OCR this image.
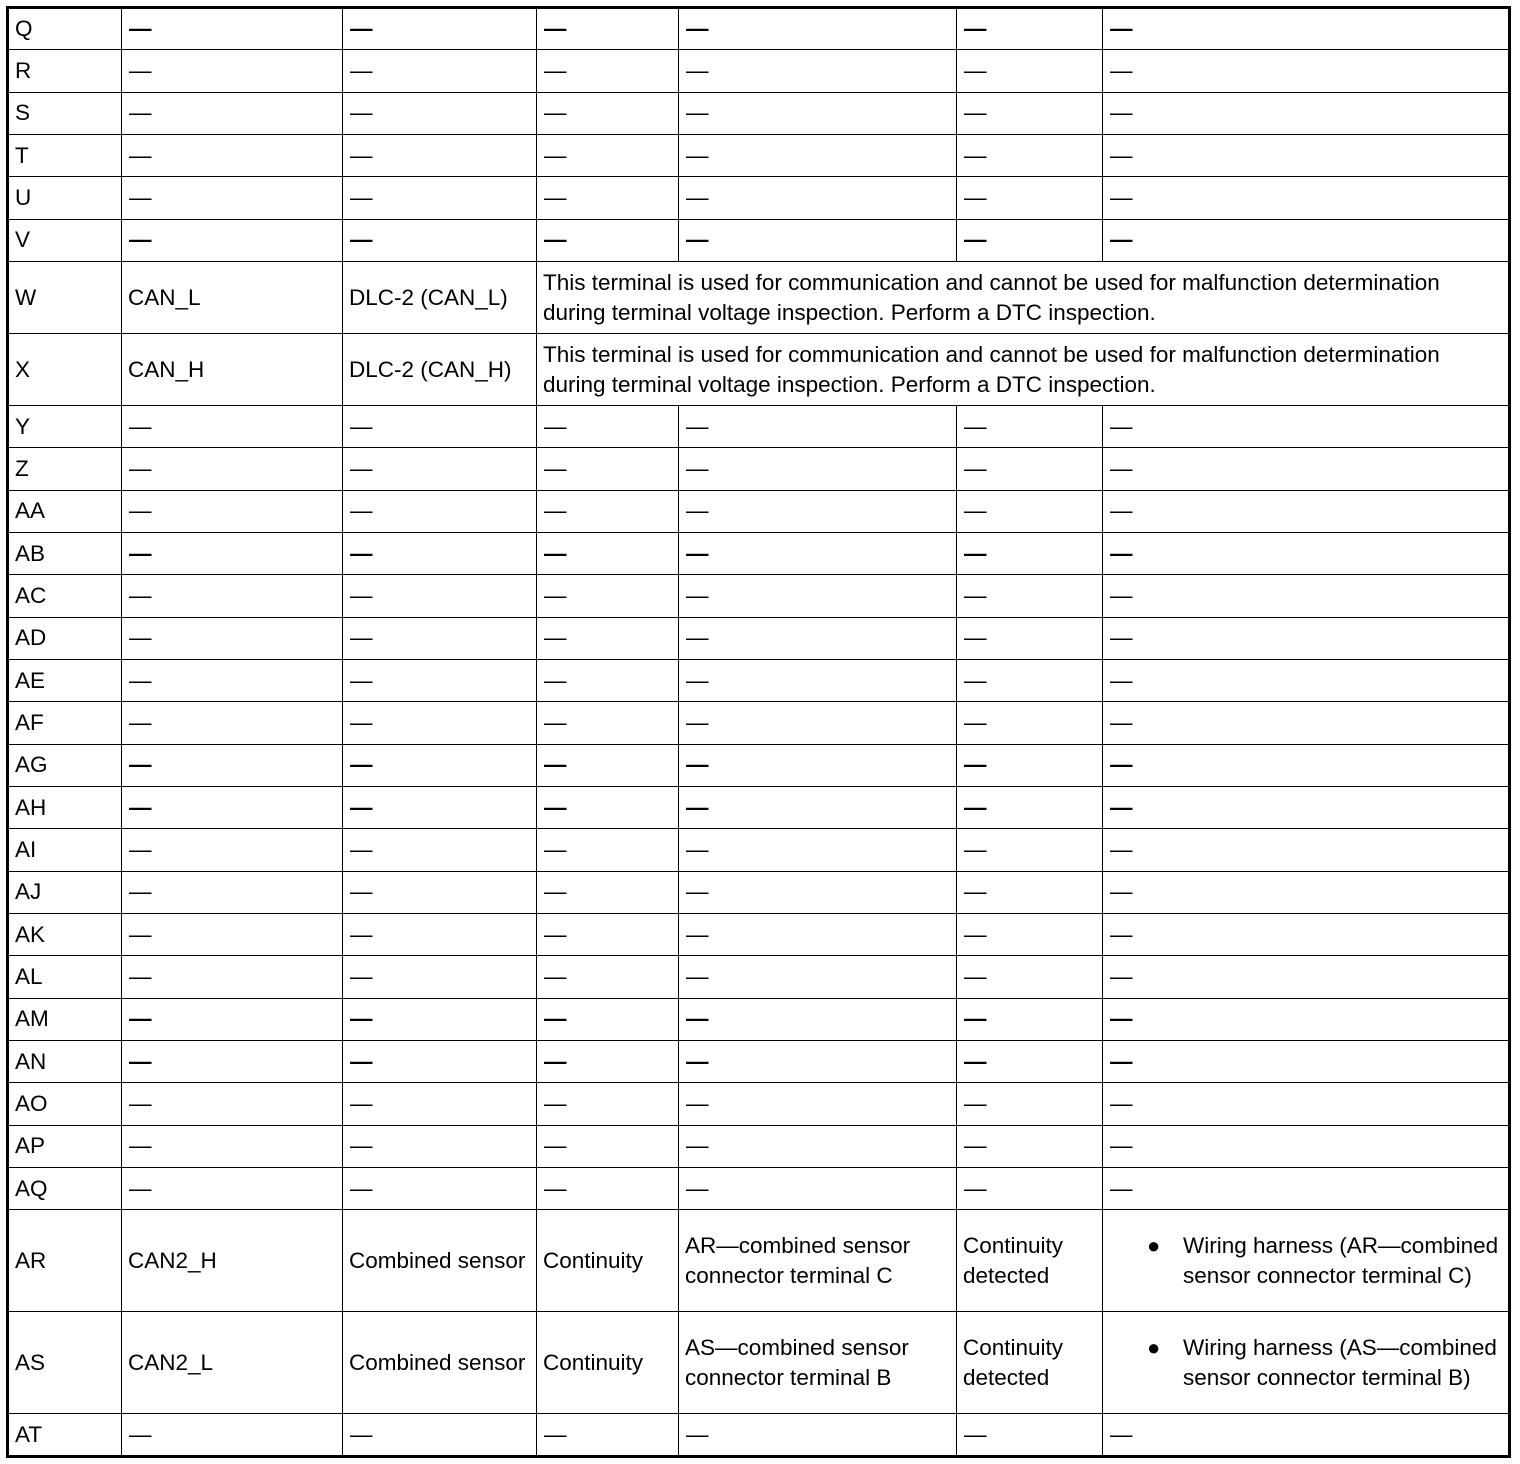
Q	—	—	—	—	—	—
R	—	—	—	—	—	—
S	—	—	—	—	—	—
T	—	—	—	—	—	—
U	—	—	—	—	—	—
V	—	—	—	—	—	—
W	CAN_L	DLC-2 (CAN_L)	This terminal is used for communication and cannot be used for malfunction determination during terminal voltage inspection. Perform a DTC inspection.			
X	CAN_H	DLC-2 (CAN_H)	This terminal is used for communication and cannot be used for malfunction determination during terminal voltage inspection. Perform a DTC inspection.			
Y	—	—	—	—	—	—
Z	—	—	—	—	—	—
AA	—	—	—	—	—	—
AB	—	—	—	—	—	—
AC	—	—	—	—	—	—
AD	—	—	—	—	—	—
AE	—	—	—	—	—	—
AF	—	—	—	—	—	—
AG	—	—	—	—	—	—
AH	—	—	—	—	—	—
AI	—	—	—	—	—	—
AJ	—	—	—	—	—	—
AK	—	—	—	—	—	—
AL	—	—	—	—	—	—
AM	—	—	—	—	—	—
AN	—	—	—	—	—	—
AO	—	—	—	—	—	—
AP	—	—	—	—	—	—
AQ	—	—	—	—	—	—
AR	CAN2_H	Combined sensor	Continuity	AR—combined sensor connector terminal C	Continuity detected	● Wiring harness (AR—combined sensor connector terminal C)

AS	CAN2_L	Combined sensor	Continuity	AS—combined sensor connector terminal B	Continuity detected	● Wiring harness (AS—combined sensor connector terminal B)

AT	—	—	—	—	—	—
